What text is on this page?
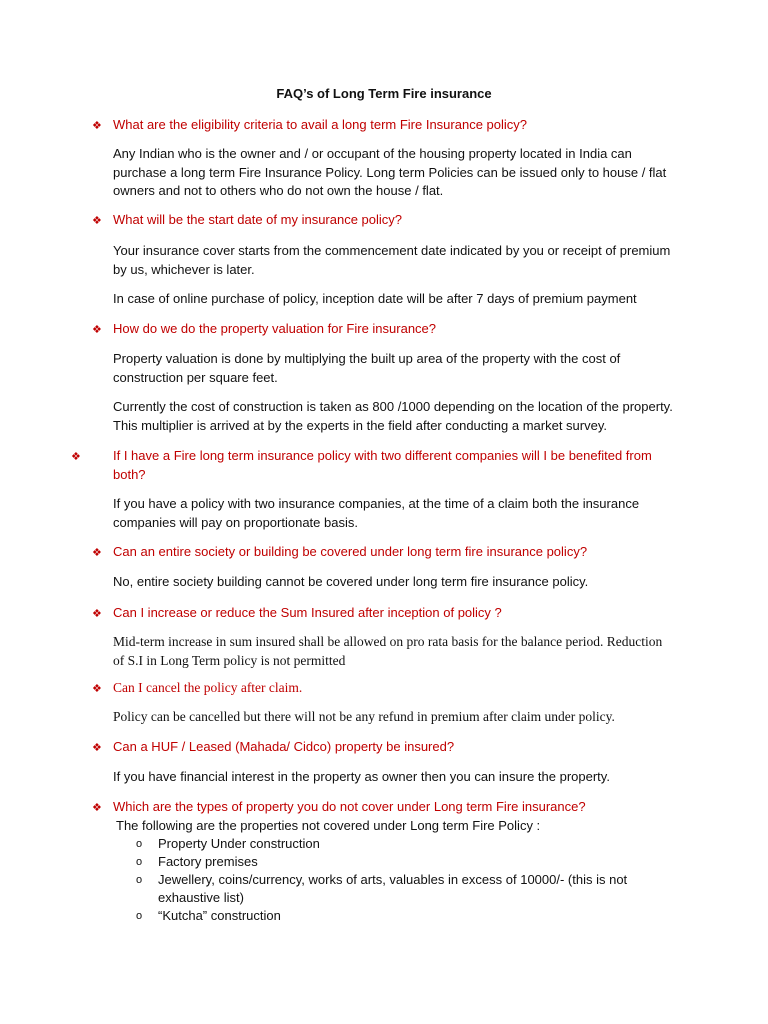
FAQ’s of Long Term Fire insurance
❖ What are the eligibility criteria to avail a long term Fire Insurance policy?
Any Indian who is the owner and / or occupant of the housing property located in India can purchase a long term Fire Insurance Policy. Long term Policies can be issued only to house / flat owners and not to others who do not own the house / flat.
❖ What will be the start date of my insurance policy?
Your insurance cover starts from the commencement date indicated by you or receipt of premium by us, whichever is later.
In case of online purchase of policy, inception date will be after 7 days of premium payment
❖ How do we do the property valuation for Fire insurance?
Property valuation is done by multiplying the built up area of the property with the cost of construction per square feet.
Currently the cost of construction is taken as 800 /1000 depending on the location of the property. This multiplier is arrived at by the experts in the field after conducting a market survey.
❖ If I have a Fire long term insurance policy with two different companies will I be benefited from both?
If you have a policy with two insurance companies, at the time of a claim both the insurance companies will pay on proportionate basis.
❖ Can an entire society or building be covered under long term fire insurance policy?
No, entire society building cannot be covered under long term fire insurance policy.
❖ Can I increase or reduce the Sum Insured after inception of policy ?
Mid-term increase in sum insured shall be allowed on pro rata basis for the balance period. Reduction of S.I in Long Term policy is not permitted
❖ Can I cancel the policy after claim.
Policy can be cancelled but there will not be any refund in premium after claim under policy.
❖ Can a HUF / Leased (Mahada/ Cidco) property be insured?
If you have financial interest in the property as owner then you can insure the property.
❖ Which are the types of property you do not cover under Long term Fire insurance?
The following are the properties not covered under Long term Fire Policy :
o Property Under construction
o Factory premises
o Jewellery, coins/currency, works of arts, valuables in excess of 10000/- (this is not exhaustive list)
o “Kutcha” construction
